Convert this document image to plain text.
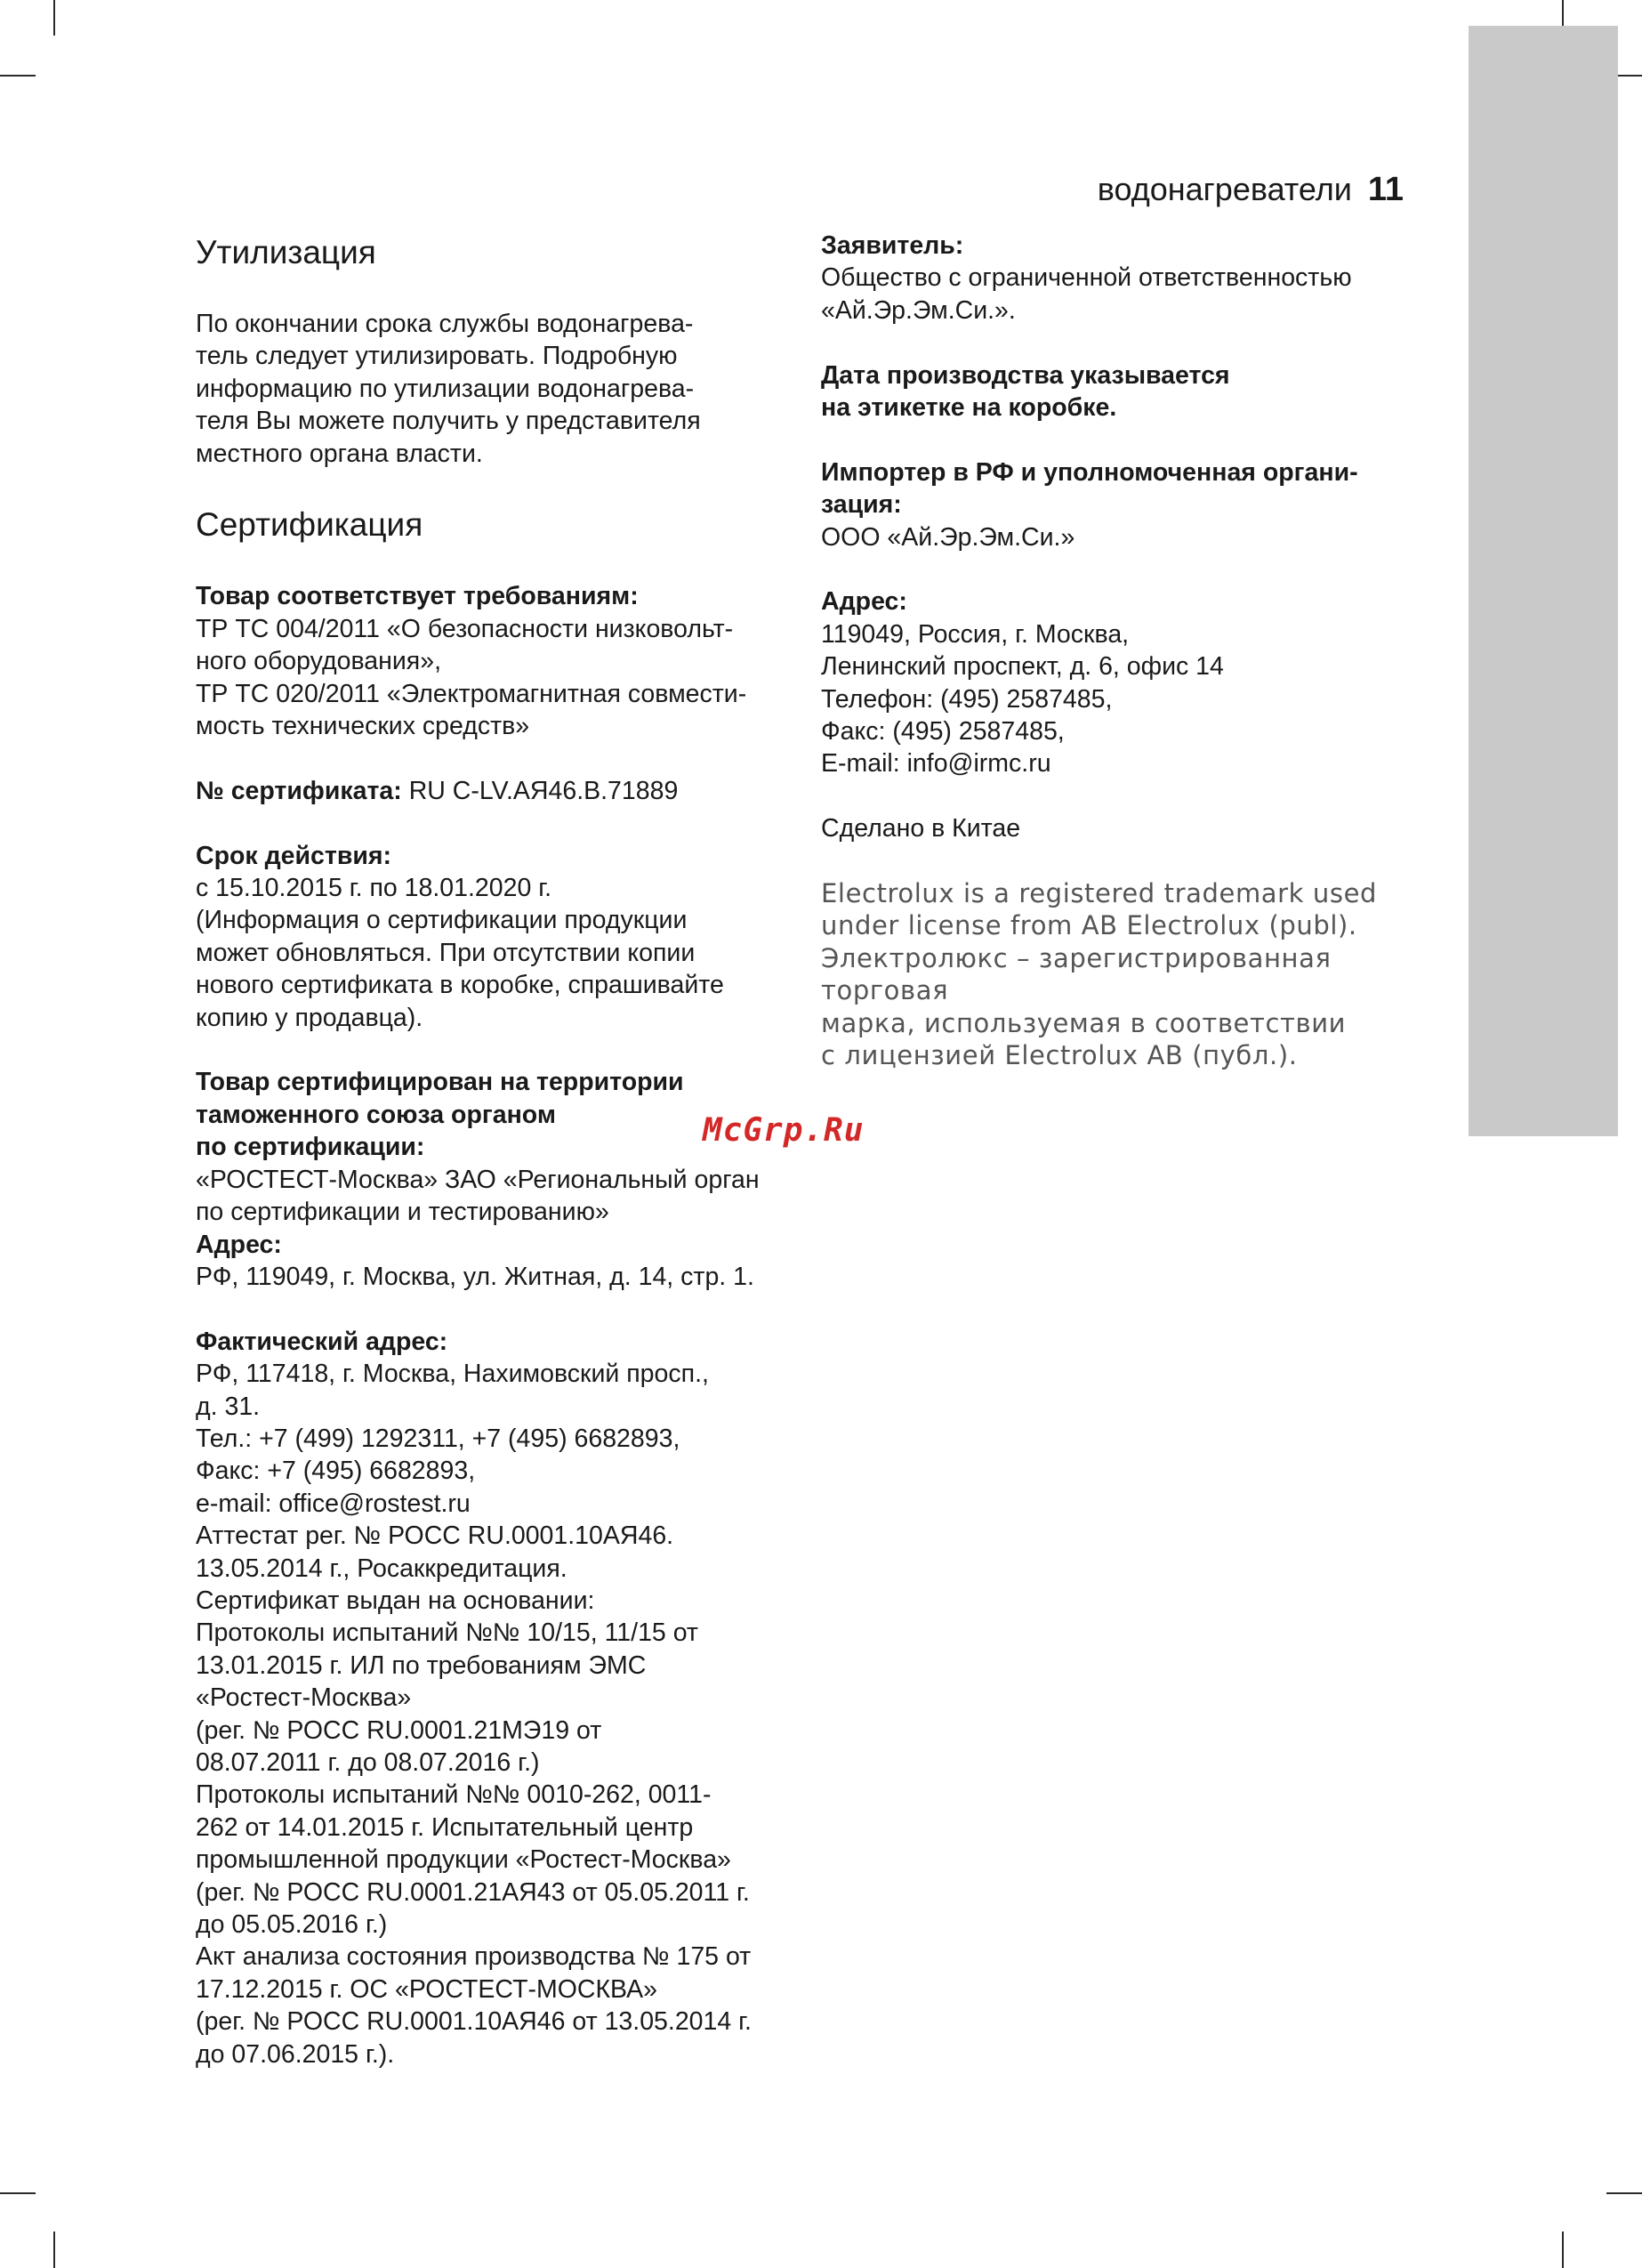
водонагреватели 11
Утилизация

По окончании срока службы водонагрева-
тель следует утилизировать. Подробную
информацию по утилизации водонагрева-
теля Вы можете получить у представителя
местного органа власти.

Сертификация

Товар соответствует требованиям:
ТР ТС 004/2011 «О безопасности низковольт-
ного оборудования»,
ТР ТС 020/2011 «Электромагнитная совмести-
мость технических средств»

№ сертификата: RU C-LV.АЯ46.В.71889

Срок действия:
с 15.10.2015 г. по 18.01.2020 г.
(Информация о сертификации продукции
может обновляться. При отсутствии копии
нового сертификата в коробке, спрашивайте
копию у продавца).

Товар сертифицирован на территории
таможенного союза органом
по сертификации:
«РОСТЕСТ-Москва» ЗАО «Региональный орган
по сертификации и тестированию»
Адрес:
РФ, 119049, г. Москва, ул. Житная, д. 14, стр. 1.

Фактический адрес:
РФ, 117418, г. Москва, Нахимовский просп.,
д. 31.
Тел.: +7 (499) 1292311, +7 (495) 6682893,
Факс: +7 (495) 6682893,
e-mail: office@rostest.ru
Аттестат рег. № РОСС RU.0001.10АЯ46.
13.05.2014 г., Росаккредитация.
Сертификат выдан на основании:
Протоколы испытаний №№ 10/15, 11/15 от
13.01.2015 г. ИЛ по требованиям ЭМС
«Ростест-Москва»
(рег. № РОСС RU.0001.21МЭ19 от
08.07.2011 г. до 08.07.2016 г.)
Протоколы испытаний №№ 0010-262, 0011-
262 от 14.01.2015 г. Испытательный центр
промышленной продукции «Ростест-Москва»
(рег. № РОСС RU.0001.21АЯ43 от 05.05.2011 г.
до 05.05.2016 г.)
Акт анализа состояния производства № 175 от
17.12.2015 г. ОС «РОСТЕСТ-МОСКВА»
(рег. № РОСС RU.0001.10АЯ46 от 13.05.2014 г.
до 07.06.2015 г.).

Заявитель:
Общество с ограниченной ответственностью
«Ай.Эр.Эм.Си.».

Дата производства указывается
на этикетке на коробке.

Импортер в РФ и уполномоченная органи-
зация:
ООО «Ай.Эр.Эм.Си.»

Адрес:
119049, Россия, г. Москва,
Ленинский проспект, д. 6, офис 14
Телефон: (495) 2587485,
Факс: (495) 2587485,
E-mail: info@irmc.ru

Сделано в Китае

Electrolux is a registered trademark used
under license from AB Electrolux (publ).
Электролюкс – зарегистрированная торговая
марка, используемая в соответствии
с лицензией Electrolux AB (публ.).
McGrp.Ru
